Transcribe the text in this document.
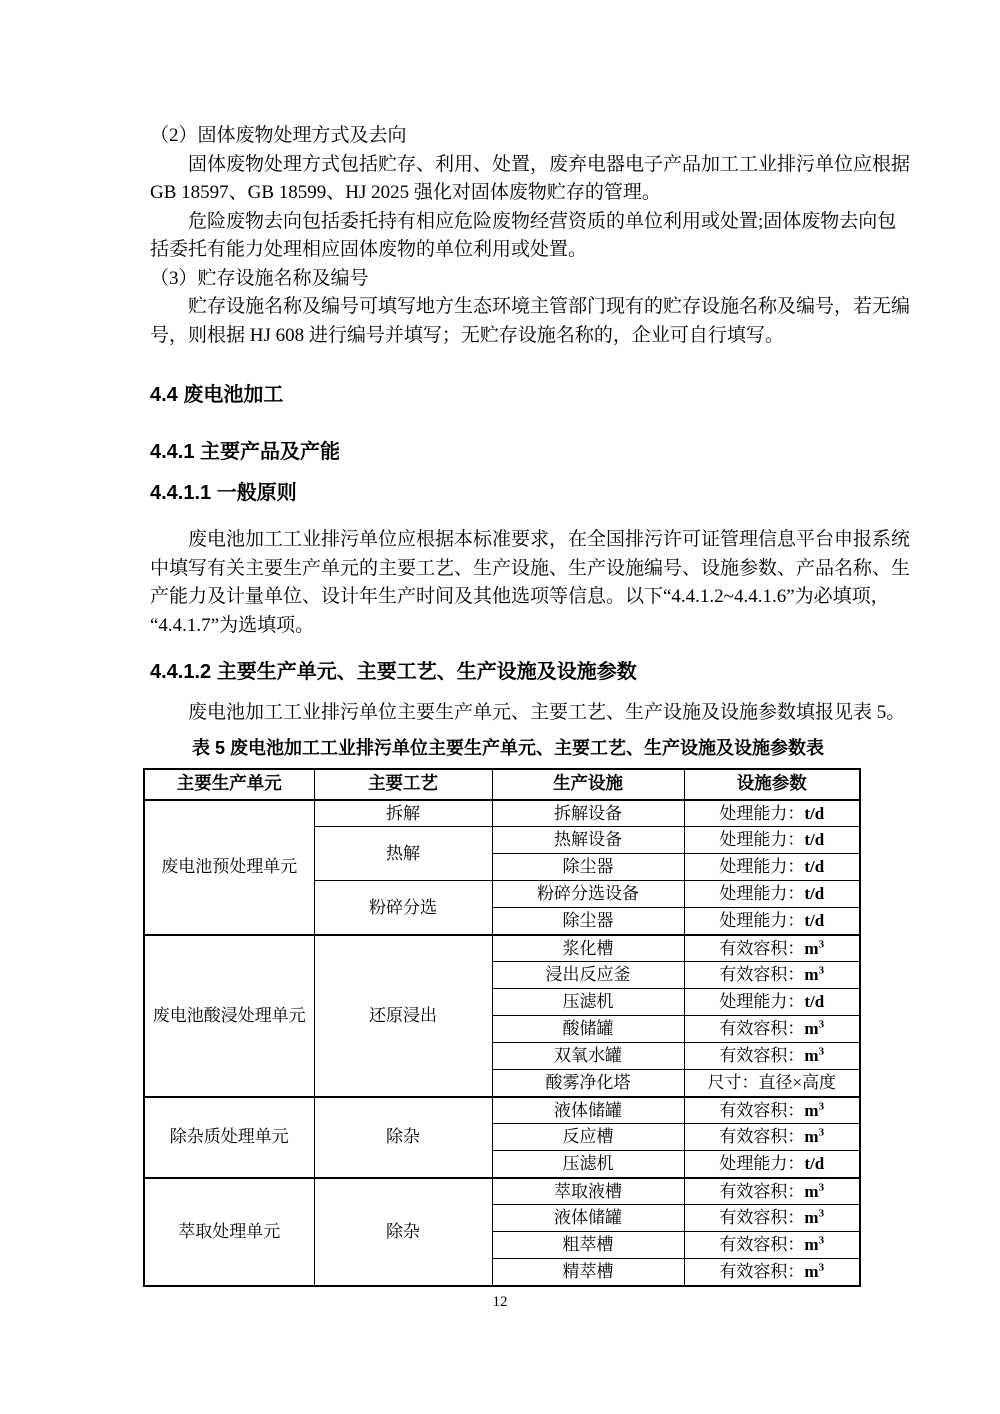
（2）固体废物处理方式及去向

固体废物处理方式包括贮存、利用、处置，废弃电器电子产品加工工业排污单位应根据

GB 18597、GB 18599、HJ 2025 强化对固体废物贮存的管理。

危险废物去向包括委托持有相应危险废物经营资质的单位利用或处置;固体废物去向包

括委托有能力处理相应固体废物的单位利用或处置。

（3）贮存设施名称及编号

贮存设施名称及编号可填写地方生态环境主管部门现有的贮存设施名称及编号，若无编

号，则根据 HJ 608 进行编号并填写；无贮存设施名称的，企业可自行填写。

4.4 废电池加工
4.4.1 主要产品及产能
4.4.1.1 一般原则

废电池加工工业排污单位应根据本标准要求，在全国排污许可证管理信息平台申报系统

中填写有关主要生产单元的主要工艺、生产设施、生产设施编号、设施参数、产品名称、生

产能力及计量单位、设计年生产时间及其他选项等信息。以下“4.4.1.2~4.4.1.6”为必填项，

“4.4.1.7”为选填项。

4.4.1.2 主要生产单元、主要工艺、生产设施及设施参数

废电池加工工业排污单位主要生产单元、主要工艺、生产设施及设施参数填报见表 5。

表 5 废电池加工工业排污单位主要生产单元、主要工艺、生产设施及设施参数表

主要生产单元	主要工艺	生产设施	设施参数
废电池预处理单元	拆解	拆解设备	处理能力：t/d
	热解	热解设备	处理能力：t/d
		除尘器	处理能力：t/d
	粉碎分选	粉碎分选设备	处理能力：t/d
		除尘器	处理能力：t/d
废电池酸浸处理单元	还原浸出	浆化槽	有效容积：$m^3$
		浸出反应釜	有效容积：$m^3$
		压滤机	处理能力：t/d
		酸储罐	有效容积：$m^3$
		双氧水罐	有效容积：$m^3$
		酸雾净化塔	尺寸：直径×高度
除杂质处理单元	除杂	液体储罐	有效容积：$m^3$
		反应槽	有效容积：$m^3$
		压滤机	处理能力：t/d
萃取处理单元	除杂	萃取液槽	有效容积：$m^3$
		液体储罐	有效容积：$m^3$
		粗萃槽	有效容积：$m^3$
		精萃槽	有效容积：$m^3$
12
